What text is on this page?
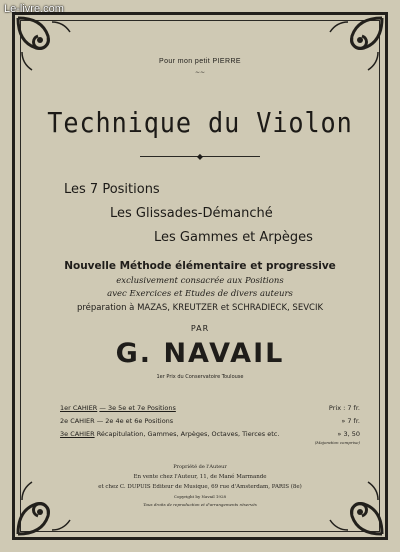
Le-livre.com
Pour mon petit PIERRE
∼∼
Technique du Violon
◆
Les 7 Positions
Les Glissades-Démanché
Les Gammes et Arpèges
Nouvelle Méthode élémentaire et progressive
exclusivement consacrée aux Positions
avec Exercices et Etudes de divers auteurs
préparation à MAZAS, KREUTZER et SCHRADIECK, SEVCIK
PAR
G. NAVAIL
1er Prix du Conservatoire Toulouse
1er CAHIER — 3e 5e et 7e Positions	Prix : 7 fr.
2e CAHIER — 2e 4e et 6e Positions	» 7 fr.
3e CAHIER Récapitulation, Gammes, Arpèges, Octaves, Tierces etc.	» 3, 50
(Majoration comprise)
Propriété de l'Auteur
En vente chez l'Auteur, 11, de Mané Marmande
et chez C. DUPUIS Editeur de Musique, 69 rue d'Amsterdam, PARIS (8e)
Copyright by Navail 1928
Tous droits de reproduction et d'arrangements réservés
